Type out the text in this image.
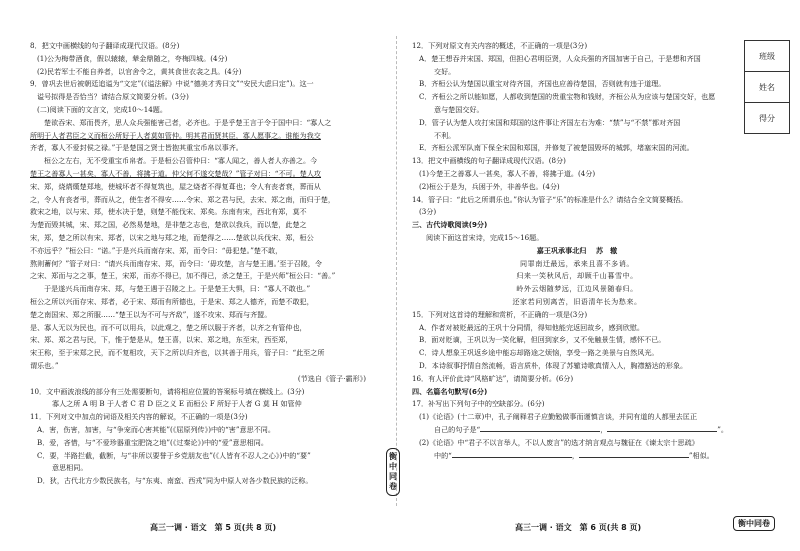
8．把文中画横线的句子翻译成现代汉语。(8分)
(1)公为梅带酒食，假以辕辕，辇金鼎随之，夸梅四城。(4分)
(2)民若军士不能自养者，以官舍令之，黄其食世衣衾之具。(4分)
9．曾巩去世后被朝廷追谥为“文定”(《谥法解》中说“德美才秀曰文”“安民大虑曰定”)。这一
谥号拟得是否恰当？请结合原文简要分析。(3分)
(二)阅读下面的文言文，完成10～14题。
楚欲吞宋、郑而畏齐，思人众兵强能害己者，必齐也。于是乎楚王言于令于国中曰：“寡人之
所明于人者君臣之义而桓公所好于人者莫如管仲。明其君而贤其臣，寡人愿事之。谁能为我交
齐者，寡人不爱封侯之禄。”于是楚国之贤士皆抱其重宝币帛以事齐。
桓公之左右，无不受重宝币帛者。于是桓公召管仲曰：“寡人闻之，善人者人亦善之。今
楚王之善寡人一甚矣，寡人不善，将拂于道。仲父何不遂交楚哉？”管子对曰：“不可。楚人攻
宋、郑，烧焫熯楚郑地，使城坏者不得复筑也，屋之烧者不得复葺也；令人有丧者衰，葬而从
之，令人有丧者弔，葬而从之，使生者不得安……令宋、郑之君与民，去宋、郑之南，而归于楚，
救宋之地，以与宋、郑，使水决于楚，则楚不能伐宋、郑矣。东南有宋，西北有郑，莫不
为楚而毁其城，宋、郑之国，必然易楚地，是非楚之志也，楚欲以我兵，而以楚，此楚之
宋，郑，楚之所以有宋、郑者，以宋之地与郑之地，而楚得之……楚欲以兵伐宋、郑，桓公
不亦远乎？”桓公曰：“诺。”于是兴兵而南存宋、郑，而令曰：“毋犯楚。”楚不敢，
熬则蓄何？”管子对曰：“请兴兵而南存宋、郑，而令曰：‘毋攻楚，言与楚王遇。’至于召陵，令
之宋、郑而与之之事，楚王，宋郑，而亦不得已，加不得已，杀之楚王，于是兴师”桓公曰：“善。”
于是遂兴兵而南存宋、郑，与楚王遇于召陵之上。于是楚王大惧，曰：“寡人不敢也。”
桓公之所以兴而存宋、郑者，必于宋、郑而有所德也，于是宋、郑之人德齐，而楚不敢犯，
楚之南国宋、郑之所服……“楚王以为不可与齐敌”，遂不攻宋、郑而与齐盟。
是、寡人无以为民也，而不可以用兵，以此观之，楚之所以服于齐者，以齐之有管仲也，
宋、郑、郑之君与民，下，惟于楚是从，楚王喜，以宋、郑之地，东至宋，西至郑，
宋王称，至于宋郑之民，而不复相攻，天下之所以归齐也，以其善于用兵，管子曰：“此至之所
谓乐也。”
(节选自《管子·霸形》)
10．文中画波浪线的部分有三处需要断句，请将相应位置的答案标号填在横线上。(3分)
寡人之所 A 明 B 于人者 C 君 D 臣之义 E 而桓公 F 所好于人者 G 莫 H 如管仲
11．下列对文中加点的词语及相关内容的解说，不正确的一项是(3分)
A．害，伤害，加害，与“争宠而心害其能”(《屈原列传》)中的“害”意思不同。
B．爱，吝惜，与“不爱珍器重宝肥饶之地”(《过秦论》)中的“爱”意思相同。
C．要，半路拦截，截断，与“非所以要誉于乡党朋友也”(《人皆有不忍人之心》)中的“要”
意思相同。
D．狄，古代北方少数民族名，与“东夷、南蛮、西戎”同为中原人对各少数民族的泛称。
12．下列对原文有关内容的概述，不正确的一项是(3分)
A．楚王想吞并宋国、郑国，但担心君明臣贤，人众兵强的齐国加害于自己，于是想和齐国
交好。
B．齐桓公认为楚国以重宝对待齐国，齐国也应善待楚国，否则就有违于道理。
C．齐桓公之所以能如愿，人都收到楚国的贵重宝物和钱财，齐桓公从为应该与楚国交好，也愿
意与楚国交好。
D．管子认为楚人攻打宋国和郑国的这件事让齐国左右为难：“禁”与“不禁”都对齐国
不利。
E．齐桓公派军队南下保全宋国和郑国，并修复了被楚国毁坏的城郭，堵塞宋国的河流。
13．把文中画横线的句子翻译成现代汉语。(8分)
(1)今楚王之善寡人一甚矣，寡人不善，将拂于道。(4分)
(2)桓公于是为，兵困于外，非善华也。(4分)
14．管子曰：“此后之所谓乐也。”你认为管子“乐”的标准是什么？请结合全文简要概括。
(3分)
三、古代诗歌阅读(9分)
阅读下面这首宋诗，完成15～16题。
嘉王巩承事北归　 苏　辙
同罪南迁最远，承来且喜不多诮。
归来一笑秋风后，却顾千山暮雪中。
岭外云烟随梦远，江边风景随春归。
还家若问别离苦，旧语清年长为愁来。
15．下列对这首诗的理解和赏析，不正确的一项是(3分)
A．作者对被贬最远的王巩十分同情，得知他能完返回故乡，感到欣慰。
B．面对贬谪，王巩以为一笑化解，但回到家乡，又不免触景生情，感怀不已。
C．诗人想象王巩返乡途中能忘却路途之烦恼，享受一路之美景与自然风光。
D．本诗叙事抒情自然流畅，语言质朴，体现了苏辙诗歌真情入人，胸襟豁达的形象。
16．有人评价此诗“风格旷达”，请简要分析。(6分)
四、名篇名句默写(6分)
17．补写出下列句子中的空缺部分。(6分)
(1)《论语》(十二章)中，孔子阐释君子应勤勉做事而谨慎言谈，并同有道的人都里去匡正
自己的句子是“	，	”。
(2)《论语》中“君子不以言举人，不以人废言”的选才纳言观点与魏征在《谏太宗十思疏》
中的“	，	”相似。
班级
姓名
得分
衡中同卷
衡中同卷
高三一调 · 语文　第 5 页(共 8 页)	高三一调 · 语文　第 6 页(共 8 页)
